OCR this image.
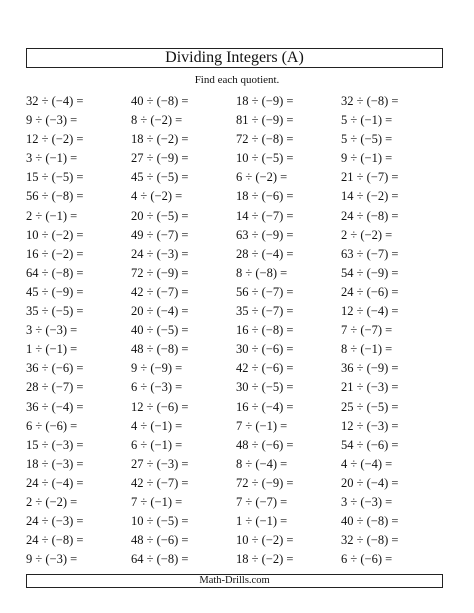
Dividing Integers (A)
Find each quotient.
32 ÷ (−4) =	40 ÷ (−8) =	18 ÷ (−9) =	32 ÷ (−8) =
9 ÷ (−3) =	8 ÷ (−2) =	81 ÷ (−9) =	5 ÷ (−1) =
12 ÷ (−2) =	18 ÷ (−2) =	72 ÷ (−8) =	5 ÷ (−5) =
3 ÷ (−1) =	27 ÷ (−9) =	10 ÷ (−5) =	9 ÷ (−1) =
15 ÷ (−5) =	45 ÷ (−5) =	6 ÷ (−2) =	21 ÷ (−7) =
56 ÷ (−8) =	4 ÷ (−2) =	18 ÷ (−6) =	14 ÷ (−2) =
2 ÷ (−1) =	20 ÷ (−5) =	14 ÷ (−7) =	24 ÷ (−8) =
10 ÷ (−2) =	49 ÷ (−7) =	63 ÷ (−9) =	2 ÷ (−2) =
16 ÷ (−2) =	24 ÷ (−3) =	28 ÷ (−4) =	63 ÷ (−7) =
64 ÷ (−8) =	72 ÷ (−9) =	8 ÷ (−8) =	54 ÷ (−9) =
45 ÷ (−9) =	42 ÷ (−7) =	56 ÷ (−7) =	24 ÷ (−6) =
35 ÷ (−5) =	20 ÷ (−4) =	35 ÷ (−7) =	12 ÷ (−4) =
3 ÷ (−3) =	40 ÷ (−5) =	16 ÷ (−8) =	7 ÷ (−7) =
1 ÷ (−1) =	48 ÷ (−8) =	30 ÷ (−6) =	8 ÷ (−1) =
36 ÷ (−6) =	9 ÷ (−9) =	42 ÷ (−6) =	36 ÷ (−9) =
28 ÷ (−7) =	6 ÷ (−3) =	30 ÷ (−5) =	21 ÷ (−3) =
36 ÷ (−4) =	12 ÷ (−6) =	16 ÷ (−4) =	25 ÷ (−5) =
6 ÷ (−6) =	4 ÷ (−1) =	7 ÷ (−1) =	12 ÷ (−3) =
15 ÷ (−3) =	6 ÷ (−1) =	48 ÷ (−6) =	54 ÷ (−6) =
18 ÷ (−3) =	27 ÷ (−3) =	8 ÷ (−4) =	4 ÷ (−4) =
24 ÷ (−4) =	42 ÷ (−7) =	72 ÷ (−9) =	20 ÷ (−4) =
2 ÷ (−2) =	7 ÷ (−1) =	7 ÷ (−7) =	3 ÷ (−3) =
24 ÷ (−3) =	10 ÷ (−5) =	1 ÷ (−1) =	40 ÷ (−8) =
24 ÷ (−8) =	48 ÷ (−6) =	10 ÷ (−2) =	32 ÷ (−8) =
9 ÷ (−3) =	64 ÷ (−8) =	18 ÷ (−2) =	6 ÷ (−6) =
Math-Drills.com
